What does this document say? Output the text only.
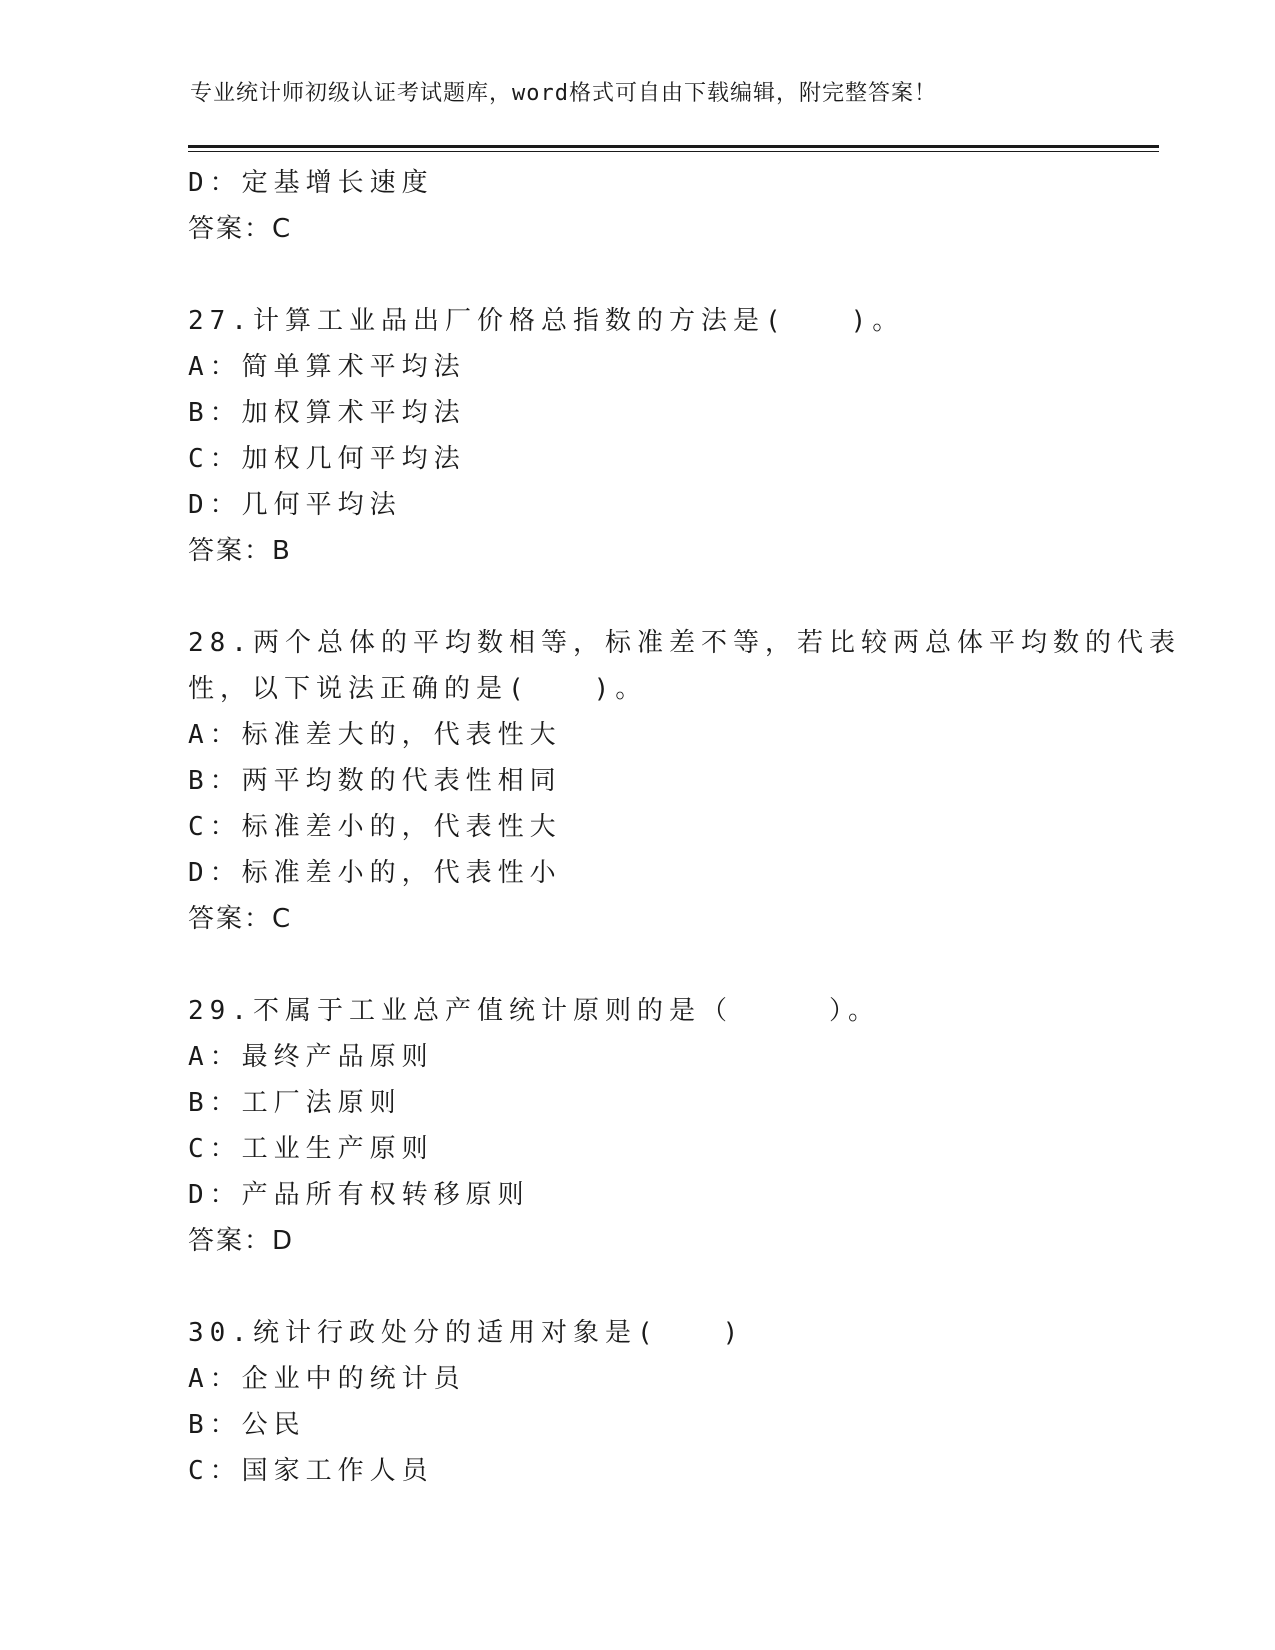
专业统计师初级认证考试题库，word格式可自由下载编辑，附完整答案！
D：定基增长速度
答案：C
27.计算工业品出厂价格总指数的方法是(　　)。
A：简单算术平均法
B：加权算术平均法
C：加权几何平均法
D：几何平均法
答案：B
28.两个总体的平均数相等，标准差不等，若比较两总体平均数的代表
性，以下说法正确的是(　　)。
A：标准差大的，代表性大
B：两平均数的代表性相同
C：标准差小的，代表性大
D：标准差小的，代表性小
答案：C
29.不属于工业总产值统计原则的是（　　　）。
A：最终产品原则
B：工厂法原则
C：工业生产原则
D：产品所有权转移原则
答案：D
30.统计行政处分的适用对象是(　　)
A：企业中的统计员
B：公民
C：国家工作人员
